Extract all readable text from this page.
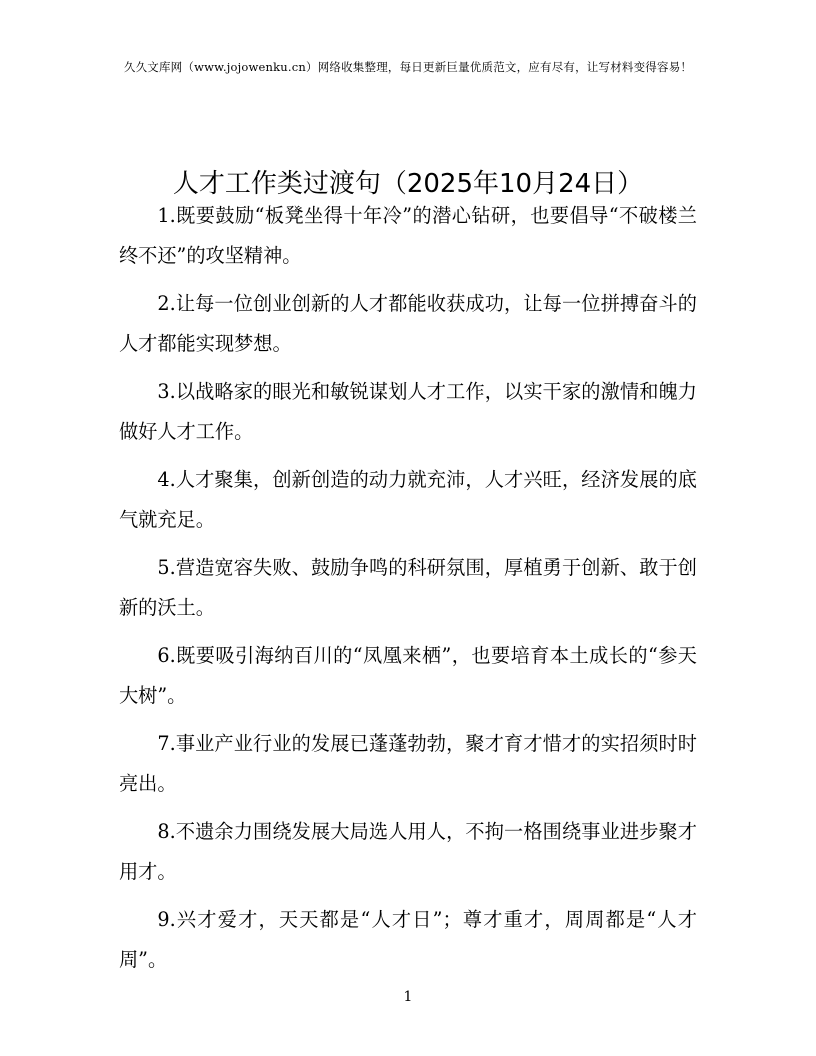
久久文库网（www.jojowenku.cn）网络收集整理，每日更新巨量优质范文，应有尽有，让写材料变得容易！
人才工作类过渡句（2025年10月24日）

1.既要鼓励“板凳坐得十年冷”的潜心钻研，也要倡导“不破楼兰终不还”的攻坚精神。

2.让每一位创业创新的人才都能收获成功，让每一位拼搏奋斗的人才都能实现梦想。

3.以战略家的眼光和敏锐谋划人才工作，以实干家的激情和魄力做好人才工作。

4.人才聚集，创新创造的动力就充沛，人才兴旺，经济发展的底气就充足。

5.营造宽容失败、鼓励争鸣的科研氛围，厚植勇于创新、敢于创新的沃土。

6.既要吸引海纳百川的“凤凰来栖”，也要培育本土成长的“参天大树”。

7.事业产业行业的发展已蓬蓬勃勃，聚才育才惜才的实招须时时亮出。

8.不遗余力围绕发展大局选人用人，不拘一格围绕事业进步聚才用才。

9.兴才爱才，天天都是“人才日”；尊才重才，周周都是“人才周”。

1
